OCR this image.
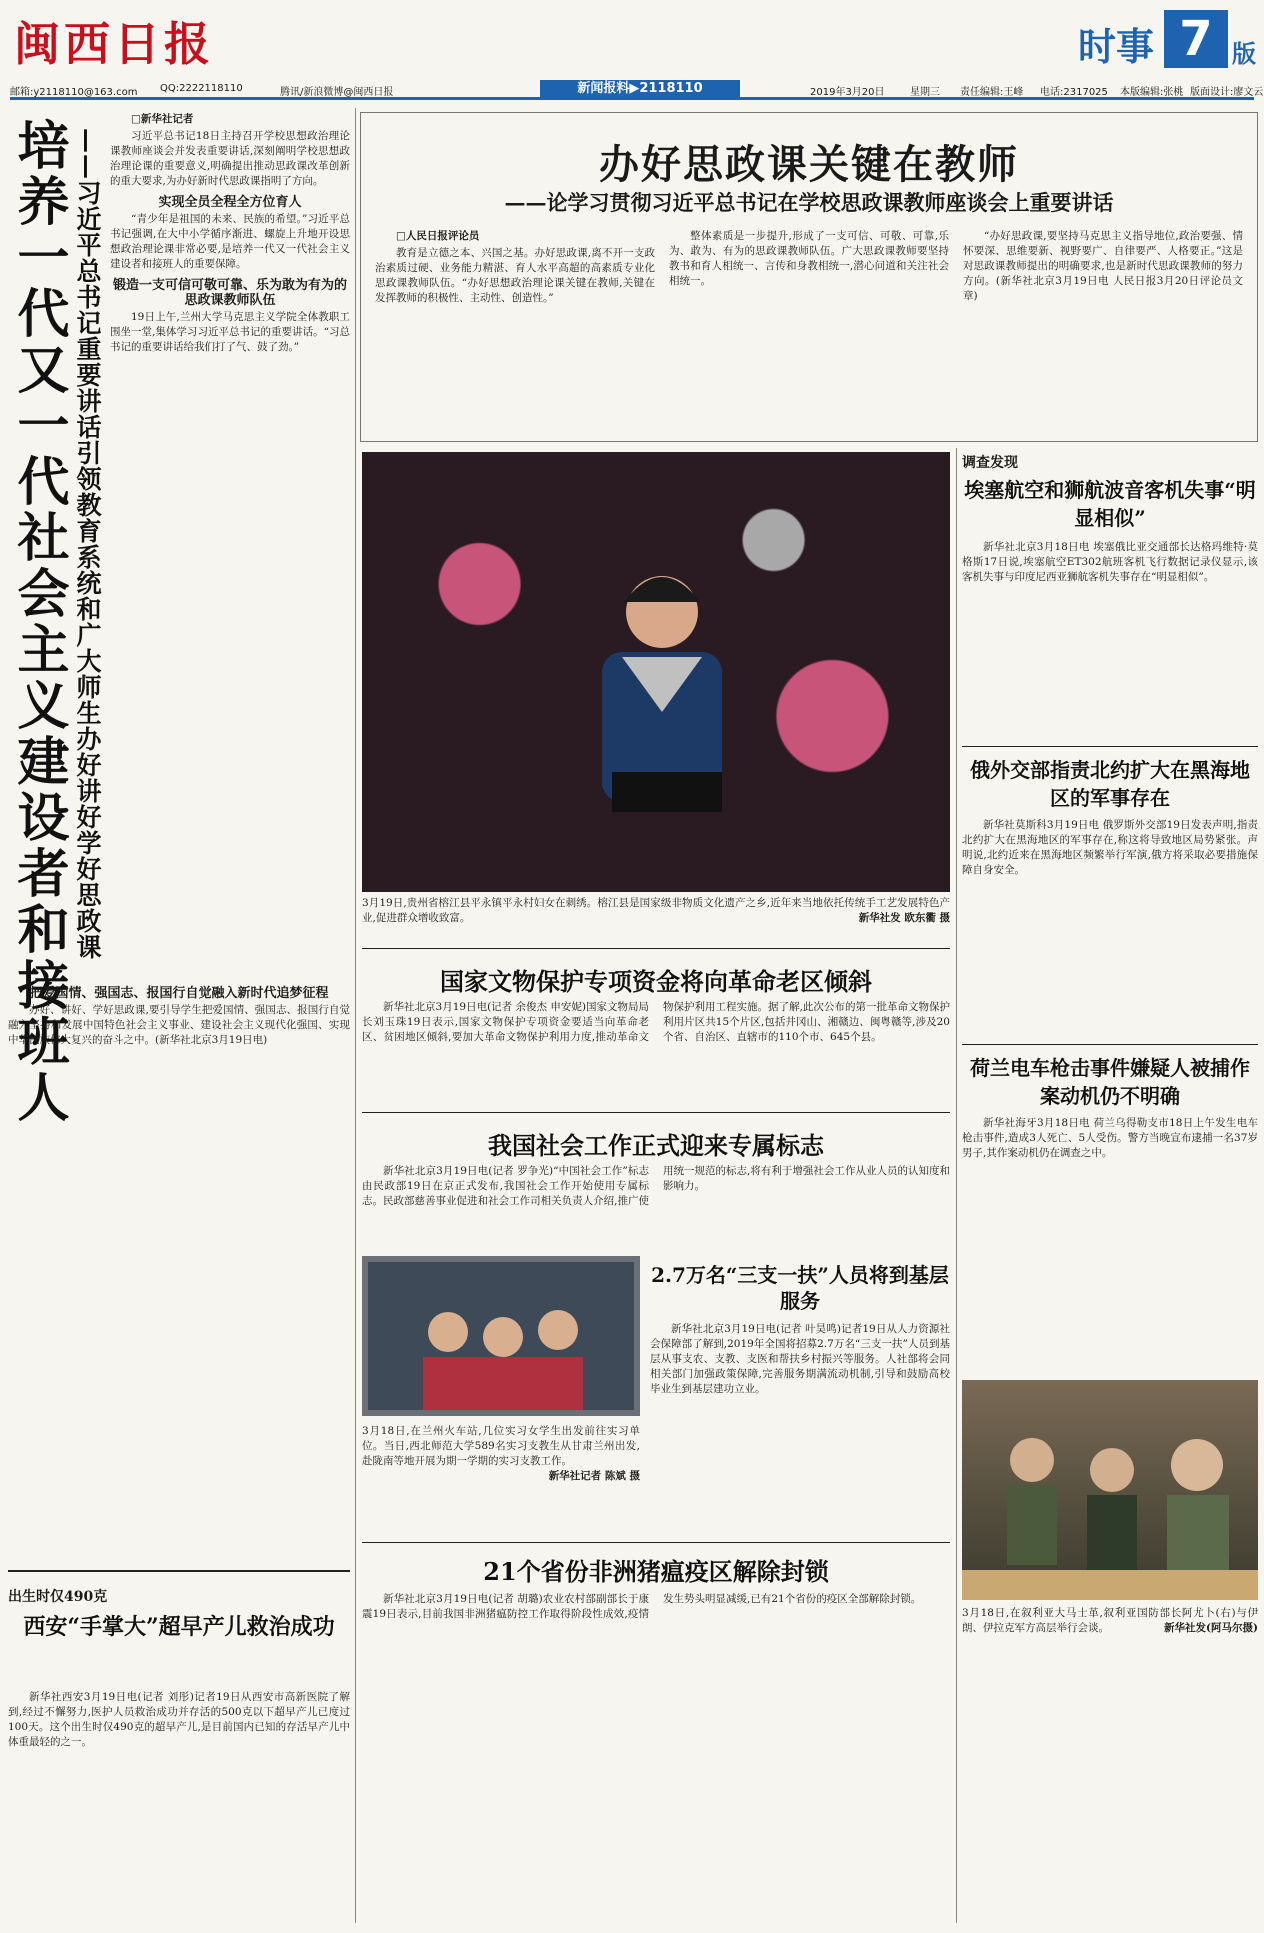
闽西日报	时事 7 版
邮箱:y2118110@163.com QQ:2222118110	腾讯/新浪微博@闽西日报	新闻报料▶2118110	2019年3月20日	星期三 责任编辑:王峰 电话:2317025 本版编辑:张桃 版面设计:廖文云
培养一代又一代社会主义建设者和接班人 ——习近平总书记重要讲话引领教育系统和广大师生办好讲好学好思政课

□新华社记者

习近平总书记18日主持召开学校思想政治理论课教师座谈会并发表重要讲话,深刻阐明学校思想政治理论课的重要意义,明确提出推动思政课改革创新的重大要求,为办好新时代思政课指明了方向。

实现全员全程全方位育人

“青少年是祖国的未来、民族的希望。”习近平总书记强调,在大中小学循序渐进、螺旋上升地开设思想政治理论课非常必要,是培养一代又一代社会主义建设者和接班人的重要保障。

锻造一支可信可敬可靠、乐为敢为有为的思政课教师队伍

19日上午,兰州大学马克思主义学院全体教职工围坐一堂,集体学习习近平总书记的重要讲话。“习总书记的重要讲话给我们打了气、鼓了劲。”

把爱国情、强国志、报国行自觉融入新时代追梦征程

办好、讲好、学好思政课,要引导学生把爱国情、强国志、报国行自觉融入坚持和发展中国特色社会主义事业、建设社会主义现代化强国、实现中华民族伟大复兴的奋斗之中。(新华社北京3月19日电)

出生时仅490克
西安“手掌大”超早产儿救治成功

新华社西安3月19日电(记者 刘彤)记者19日从西安市高新医院了解到,经过不懈努力,医护人员救治成功并存活的500克以下超早产儿已度过100天。这个出生时仅490克的超早产儿,是目前国内已知的存活早产儿中体重最轻的之一。

办好思政课关键在教师
——论学习贯彻习近平总书记在学校思政课教师座谈会上重要讲话

□人民日报评论员

教育是立德之本、兴国之基。办好思政课,离不开一支政治素质过硬、业务能力精湛、育人水平高超的高素质专业化思政课教师队伍。“办好思想政治理论课关键在教师,关键在发挥教师的积极性、主动性、创造性。”

整体素质是一步提升,形成了一支可信、可敬、可靠,乐为、敢为、有为的思政课教师队伍。广大思政课教师要坚持教书和育人相统一、言传和身教相统一,潜心问道和关注社会相统一。

“办好思政课,要坚持马克思主义指导地位,政治要强、情怀要深、思维要新、视野要广、自律要严、人格要正。”这是对思政课教师提出的明确要求,也是新时代思政课教师的努力方向。(新华社北京3月19日电 人民日报3月20日评论员文章)

3月19日,贵州省榕江县平永镇平永村妇女在刺绣。榕江县是国家级非物质文化遗产之乡,近年来当地依托传统手工艺发展特色产业,促进群众增收致富。	新华社发 欧东衢 摄
国家文物保护专项资金将向革命老区倾斜

新华社北京3月19日电(记者 余俊杰 申安妮)国家文物局局长刘玉珠19日表示,国家文物保护专项资金要适当向革命老区、贫困地区倾斜,要加大革命文物保护利用力度,推动革命文物保护利用工程实施。据了解,此次公布的第一批革命文物保护利用片区共15个片区,包括井冈山、湘赣边、闽粤赣等,涉及20个省、自治区、直辖市的110个市、645个县。

我国社会工作正式迎来专属标志

新华社北京3月19日电(记者 罗争光)“中国社会工作”标志由民政部19日在京正式发布,我国社会工作开始使用专属标志。民政部慈善事业促进和社会工作司相关负责人介绍,推广使用统一规范的标志,将有利于增强社会工作从业人员的认知度和影响力。

3月18日,在兰州火车站,几位实习女学生出发前往实习单位。当日,西北师范大学589名实习支教生从甘肃兰州出发,赴陇南等地开展为期一学期的实习支教工作。

新华社记者 陈斌 摄
2.7万名“三支一扶”人员将到基层服务

新华社北京3月19日电(记者 叶昊鸣)记者19日从人力资源社会保障部了解到,2019年全国将招募2.7万名“三支一扶”人员到基层从事支农、支教、支医和帮扶乡村振兴等服务。人社部将会同相关部门加强政策保障,完善服务期满流动机制,引导和鼓励高校毕业生到基层建功立业。

21个省份非洲猪瘟疫区解除封锁

新华社北京3月19日电(记者 胡璐)农业农村部副部长于康震19日表示,目前我国非洲猪瘟防控工作取得阶段性成效,疫情发生势头明显减缓,已有21个省份的疫区全部解除封锁。

调查发现
埃塞航空和狮航波音客机失事“明显相似”

新华社北京3月18日电 埃塞俄比亚交通部长达格玛维特·莫格斯17日说,埃塞航空ET302航班客机飞行数据记录仪显示,该客机失事与印度尼西亚狮航客机失事存在“明显相似”。

俄外交部指责北约扩大在黑海地区的军事存在

新华社莫斯科3月19日电 俄罗斯外交部19日发表声明,指责北约扩大在黑海地区的军事存在,称这将导致地区局势紧张。声明说,北约近来在黑海地区频繁举行军演,俄方将采取必要措施保障自身安全。

荷兰电车枪击事件嫌疑人被捕作案动机仍不明确

新华社海牙3月18日电 荷兰乌得勒支市18日上午发生电车枪击事件,造成3人死亡、5人受伤。警方当晚宣布逮捕一名37岁男子,其作案动机仍在调查之中。

3月18日,在叙利亚大马士革,叙利亚国防部长阿尤卜(右)与伊朗、伊拉克军方高层举行会谈。	新华社发(阿马尔摄)
